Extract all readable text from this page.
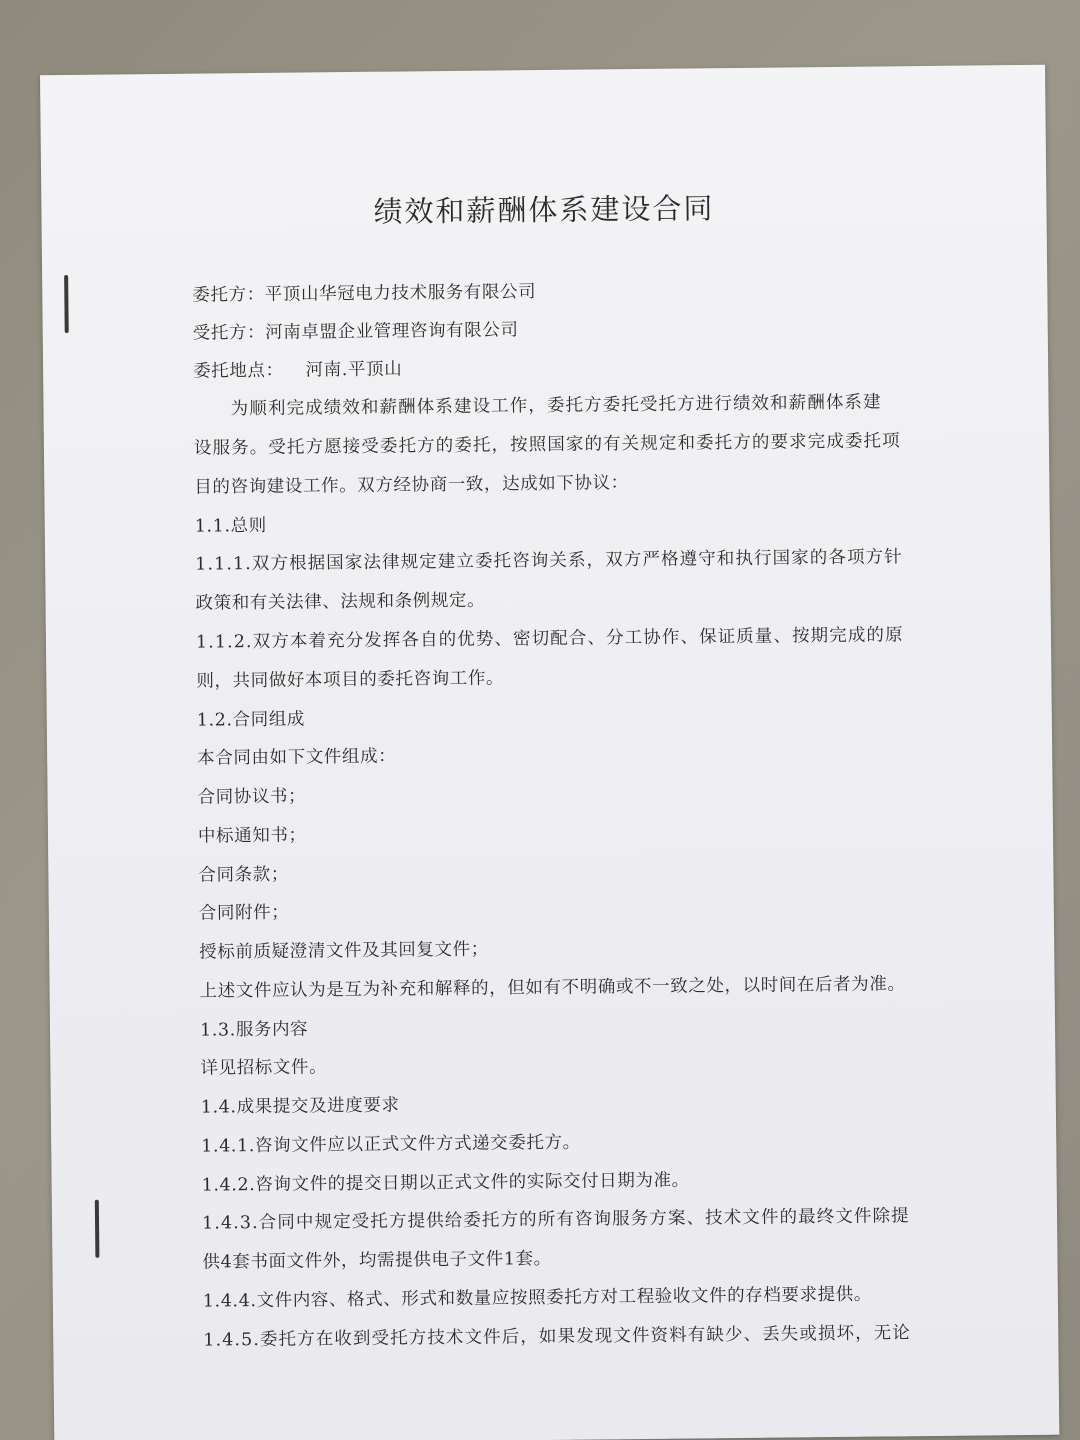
绩效和薪酬体系建设合同
委托方：平顶山华冠电力技术服务有限公司
受托方：河南卓盟企业管理咨询有限公司
委托地点： 河南.平顶山
　　为顺利完成绩效和薪酬体系建设工作，委托方委托受托方进行绩效和薪酬体系建
设服务。受托方愿接受委托方的委托，按照国家的有关规定和委托方的要求完成委托项
目的咨询建设工作。双方经协商一致，达成如下协议：
1.1.总则
1.1.1.双方根据国家法律规定建立委托咨询关系，双方严格遵守和执行国家的各项方针
政策和有关法律、法规和条例规定。
1.1.2.双方本着充分发挥各自的优势、密切配合、分工协作、保证质量、按期完成的原
则，共同做好本项目的委托咨询工作。
1.2.合同组成
本合同由如下文件组成：
合同协议书；
中标通知书；
合同条款；
合同附件；
授标前质疑澄清文件及其回复文件；
上述文件应认为是互为补充和解释的，但如有不明确或不一致之处，以时间在后者为准。
1.3.服务内容
详见招标文件。
1.4.成果提交及进度要求
1.4.1.咨询文件应以正式文件方式递交委托方。
1.4.2.咨询文件的提交日期以正式文件的实际交付日期为准。
1.4.3.合同中规定受托方提供给委托方的所有咨询服务方案、技术文件的最终文件除提
供4套书面文件外，均需提供电子文件1套。
1.4.4.文件内容、格式、形式和数量应按照委托方对工程验收文件的存档要求提供。
1.4.5.委托方在收到受托方技术文件后，如果发现文件资料有缺少、丢失或损坏，无论
